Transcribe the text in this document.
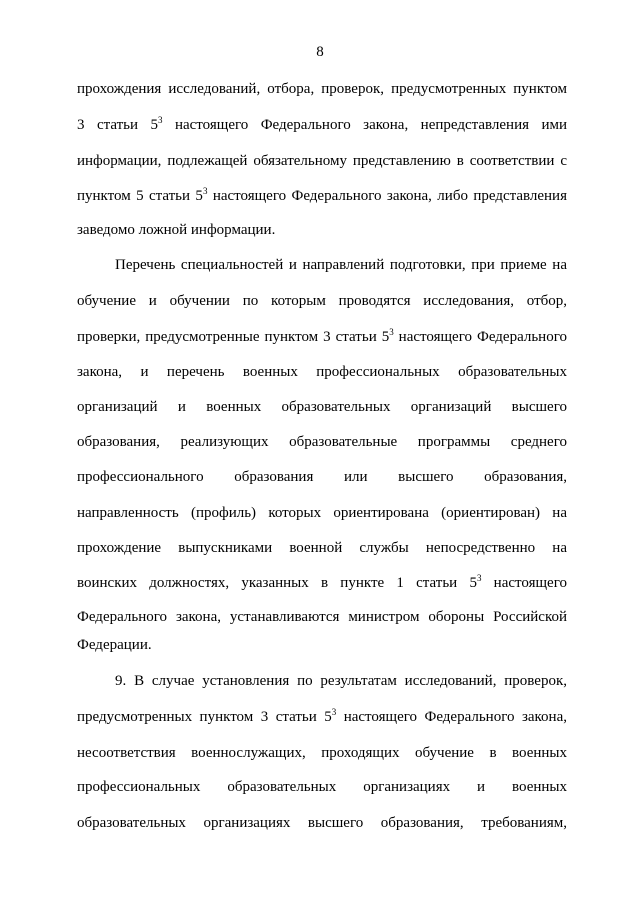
8
прохождения исследований, отбора, проверок, предусмотренных пунктом
3 статьи $5^3$ настоящего Федерального закона, непредставления ими
информации, подлежащей обязательному представлению в соответствии с
пунктом 5 статьи $5^3$ настоящего Федерального закона, либо представления
заведомо ложной информации.
Перечень специальностей и направлений подготовки, при приеме на
обучение и обучении по которым проводятся исследования, отбор,
проверки, предусмотренные пунктом 3 статьи $5^3$ настоящего Федерального
закона, и перечень военных профессиональных образовательных
организаций и военных образовательных организаций высшего
образования, реализующих образовательные программы среднего
профессионального образования или высшего образования,
направленность (профиль) которых ориентирована (ориентирован) на
прохождение выпускниками военной службы непосредственно на
воинских должностях, указанных в пункте 1 статьи $5^3$ настоящего
Федерального закона, устанавливаются министром обороны Российской
Федерации.
9. В случае установления по результатам исследований, проверок,
предусмотренных пунктом 3 статьи $5^3$ настоящего Федерального закона,
несоответствия военнослужащих, проходящих обучение в военных
профессиональных образовательных организациях и военных
образовательных организациях высшего образования, требованиям,
